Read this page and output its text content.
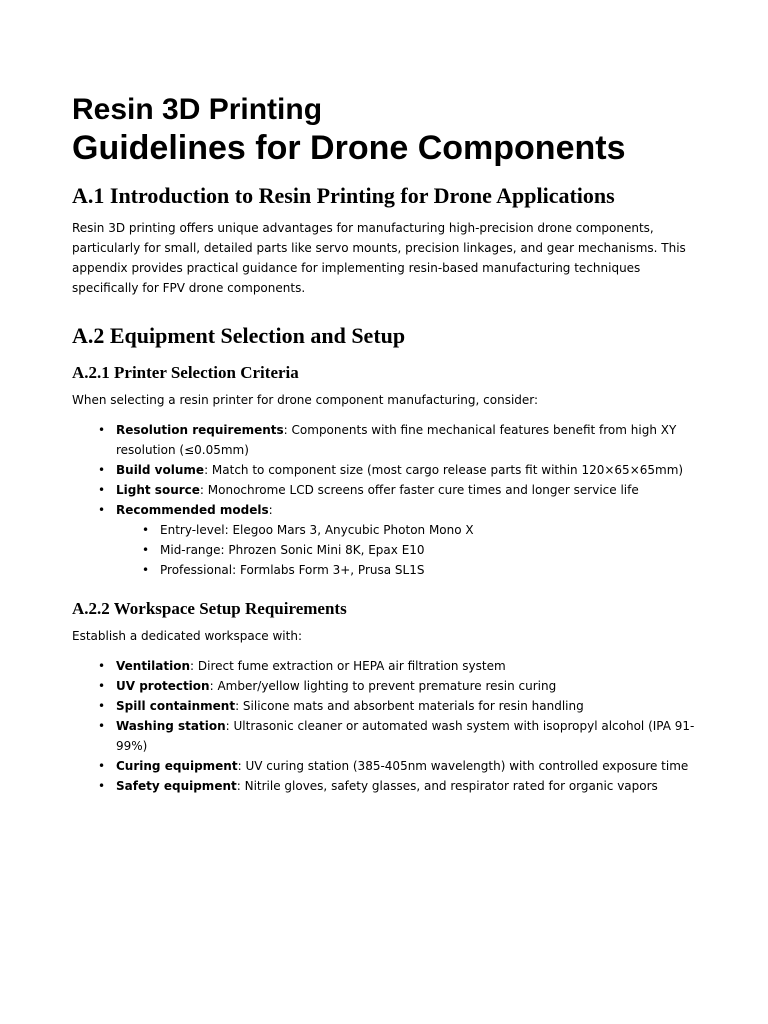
Resin 3D Printing
Guidelines for Drone Components
A.1 Introduction to Resin Printing for Drone Applications

Resin 3D printing offers unique advantages for manufacturing high-precision drone components, particularly for small, detailed parts like servo mounts, precision linkages, and gear mechanisms. This appendix provides practical guidance for implementing resin-based manufacturing techniques specifically for FPV drone components.

A.2 Equipment Selection and Setup
A.2.1 Printer Selection Criteria

When selecting a resin printer for drone component manufacturing, consider:

• Resolution requirements: Components with fine mechanical features benefit from high XY resolution (≤0.05mm)
• Build volume: Match to component size (most cargo release parts fit within 120×65×65mm)
• Light source: Monochrome LCD screens offer faster cure times and longer service life
• Recommended models:
• Entry-level: Elegoo Mars 3, Anycubic Photon Mono X
• Mid-range: Phrozen Sonic Mini 8K, Epax E10
• Professional: Formlabs Form 3+, Prusa SL1S
A.2.2 Workspace Setup Requirements

Establish a dedicated workspace with:

• Ventilation: Direct fume extraction or HEPA air filtration system
• UV protection: Amber/yellow lighting to prevent premature resin curing
• Spill containment: Silicone mats and absorbent materials for resin handling
• Washing station: Ultrasonic cleaner or automated wash system with isopropyl alcohol (IPA 91-99%)
• Curing equipment: UV curing station (385-405nm wavelength) with controlled exposure time
• Safety equipment: Nitrile gloves, safety glasses, and respirator rated for organic vapors
